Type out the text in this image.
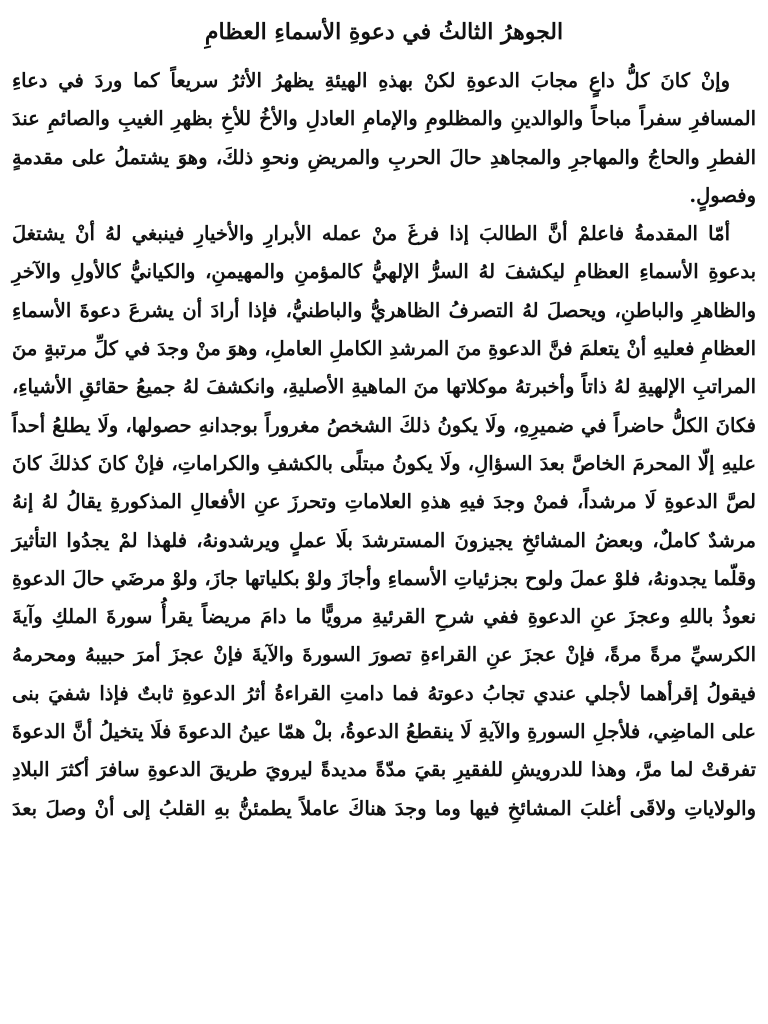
الجوهرُ الثالثُ في دعوةِ الأسماءِ العظامِ

وإنْ كانَ كلُّ داعٍ مجابَ الدعوةِ لكنْ بهذهِ الهيئةِ يظهرُ الأثرُ سريعاً كما وردَ في دعاءِ المسافرِ سفراً مباحاً والوالدينِ والمظلومِ والإمامِ العادلِ والأخُ للأخِ بظهرِ الغيبِ والصائمِ عندَ الفطرِ والحاجُ والمهاجرِ والمجاهدِ حالَ الحربِ والمريضِ ونحوِ ذلكَ، وهوَ يشتملُ على مقدمةٍ وفصولٍ.

أمّا المقدمةُ فاعلمْ أنَّ الطالبَ إذا فرغَ منْ عمله الأبرارِ والأخيارِ فينبغي لهُ أنْ يشتغلَ بدعوةِ الأسماءِ العظامِ ليكشفَ لهُ السرُّ الإلهيُّ كالمؤمنِ والمهيمنِ، والكيانيُّ كالأولِ والآخرِ والظاهرِ والباطنِ، ويحصلَ لهُ التصرفُ الظاهريُّ والباطنيُّ، فإذا أرادَ أن يشرعَ دعوةَ الأسماءِ العظامِ فعليهِ أنْ يتعلمَ فنَّ الدعوةِ منَ المرشدِ الكاملِ العاملِ، وهوَ منْ وجدَ في كلِّ مرتبةٍ منَ المراتبِ الإلهيةِ لهُ ذاتاً وأخبرتهُ موكلاتها منَ الماهيةِ الأصليةِ، وانكشفَ لهُ جميعُ حقائقِ الأشياءِ، فكانَ الكلُّ حاضراً في ضميرِهِ، ولَا يكونُ ذلكَ الشخصُ مغروراً بوجدانهِ حصولها، ولَا يطلعُ أحداً عليهِ إلّا المحرمَ الخاصَّ بعدَ السؤالِ، ولَا يكونُ مبتلًى بالكشفِ والكراماتِ، فإنْ كانَ كذلكَ كانَ لصَّ الدعوةِ لَا مرشداً، فمنْ وجدَ فيهِ هذهِ العلاماتِ وتحرزَ عنِ الأفعالِ المذكورةِ يقالُ لهُ إنهُ مرشدٌ كاملٌ، وبعضُ المشائخِ يجيزونَ المسترشدَ بلَا عملٍ ويرشدونهُ، فلهذا لمْ يجدُوا التأثيرَ وقلّما يجدونهُ، فلوْ عملَ ولوح بجزئياتِ الأسماءِ وأجازَ ولوْ بكلياتها جازَ، ولوْ مرضَي حالَ الدعوةِ نعوذُ باللهِ وعجزَ عنِ الدعوةِ ففي شرحِ القرئيةِ مرويًّا ما دامَ مريضاً يقرأُ سورةَ الملكِ وآيةَ الكرسيِّ مرةً مرةً، فإنْ عجزَ عنِ القراءةِ تصورَ السورةَ والآيةَ فإنْ عجزَ أمرَ حبيبهُ ومحرمهُ فيقولُ إقرأهما لأجلي عندي تجابُ دعوتهُ فما دامتِ القراءةُ أثرُ الدعوةِ ثابتٌ فإذا شفيَ بنى على الماضِي، فلأجلِ السورةِ والآيةِ لَا ينقطعُ الدعوةُ، بلْ همّا عينُ الدعوةَ فلَا يتخيلُ أنَّ الدعوةَ تفرقتْ لما مرَّ، وهذا للدرويشِ للفقيرِ بقيَ مدّةً مديدةً ليرويَ طريقَ الدعوةِ سافرَ أكثرَ البلادِ والولاياتِ ولاقَى أغلبَ المشائخِ فيها وما وجدَ هناكَ عاملاً يطمئنُّ بهِ القلبُ إلى أنْ وصلَ بعدَ
